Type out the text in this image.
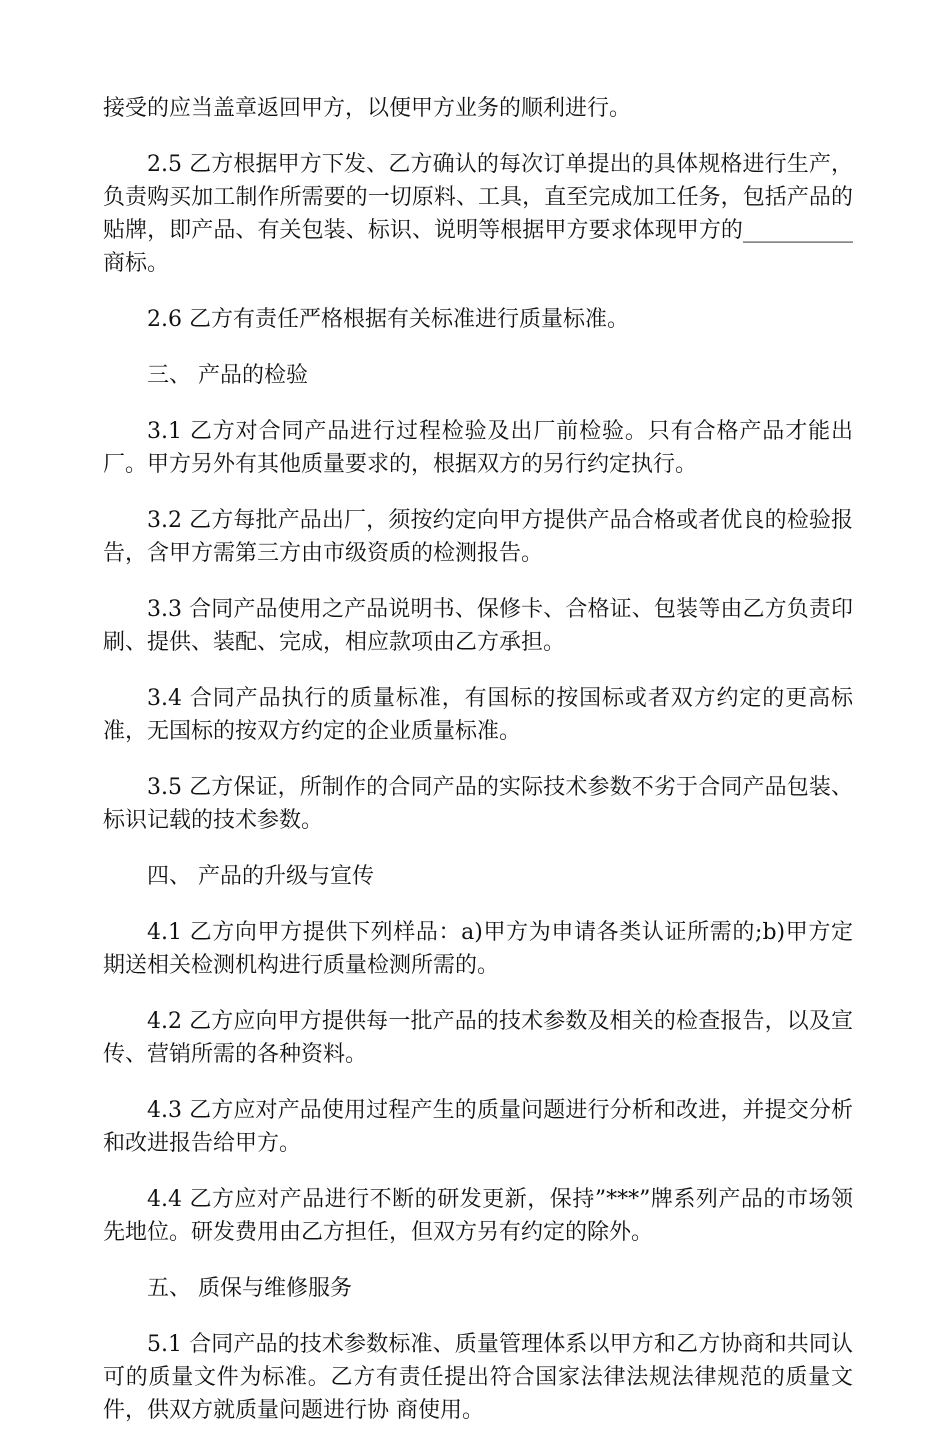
接受的应当盖章返回甲方，以便甲方业务的顺利进行。

2.5 乙方根据甲方下发、乙方确认的每次订单提出的具体规格进行生产，负责购买加工制作所需要的一切原料、工具，直至完成加工任务，包括产品的贴牌，即产品、有关包装、标识、说明等根据甲方要求体现甲方的__________商标。

2.6 乙方有责任严格根据有关标准进行质量标准。

三、 产品的检验

3.1 乙方对合同产品进行过程检验及出厂前检验。只有合格产品才能出厂。甲方另外有其他质量要求的，根据双方的另行约定执行。

3.2 乙方每批产品出厂，须按约定向甲方提供产品合格或者优良的检验报告，含甲方需第三方由市级资质的检测报告。

3.3 合同产品使用之产品说明书、保修卡、合格证、包装等由乙方负责印刷、提供、装配、完成，相应款项由乙方承担。

3.4 合同产品执行的质量标准，有国标的按国标或者双方约定的更高标准，无国标的按双方约定的企业质量标准。

3.5 乙方保证，所制作的合同产品的实际技术参数不劣于合同产品包装、标识记载的技术参数。

四、 产品的升级与宣传

4.1 乙方向甲方提供下列样品：a)甲方为申请各类认证所需的;b)甲方定期送相关检测机构进行质量检测所需的。

4.2 乙方应向甲方提供每一批产品的技术参数及相关的检查报告，以及宣传、营销所需的各种资料。

4.3 乙方应对产品使用过程产生的质量问题进行分析和改进，并提交分析和改进报告给甲方。

4.4 乙方应对产品进行不断的研发更新，保持”***”牌系列产品的市场领先地位。研发费用由乙方担任，但双方另有约定的除外。

五、 质保与维修服务

5.1 合同产品的技术参数标准、质量管理体系以甲方和乙方协商和共同认可的质量文件为标准。乙方有责任提出符合国家法律法规法律规范的质量文件，供双方就质量问题进行协 商使用。
